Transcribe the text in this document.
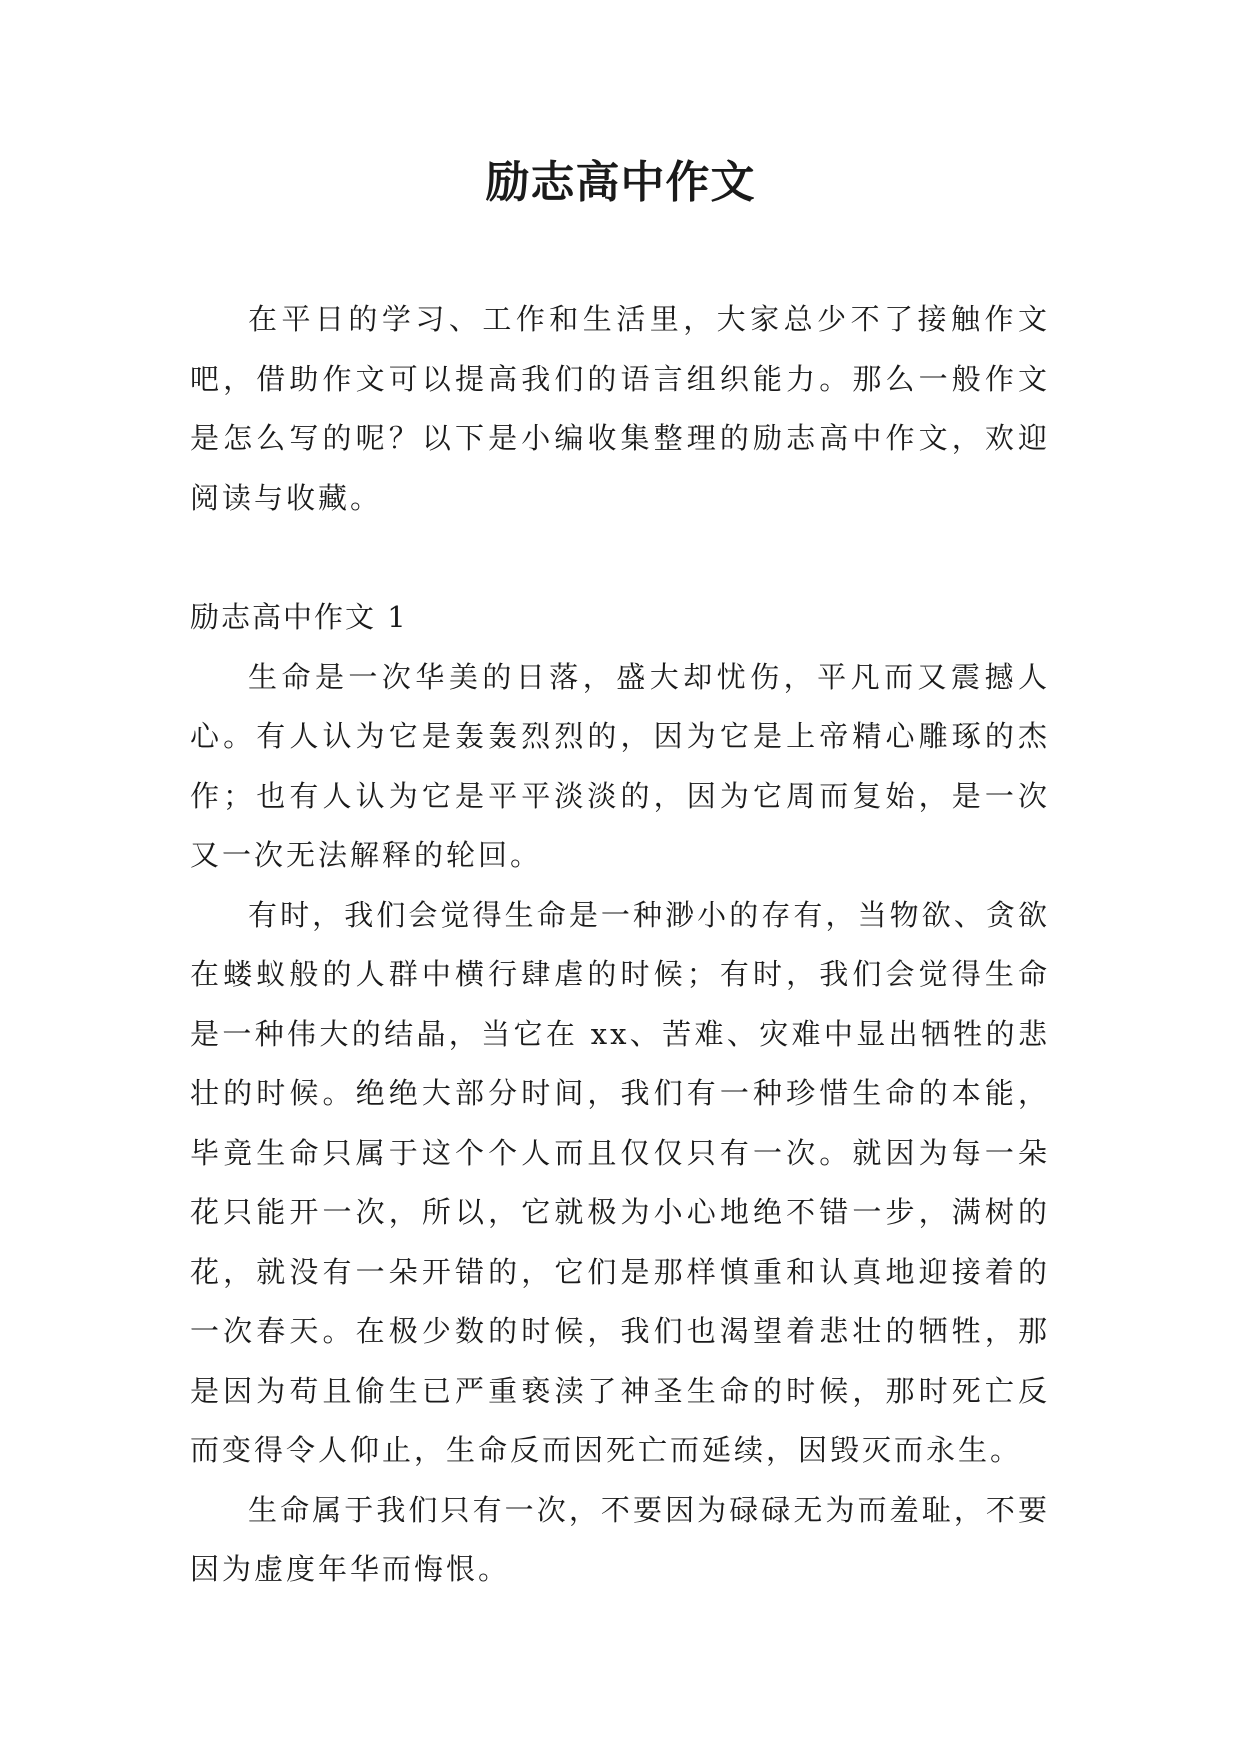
励志高中作文

在平日的学习、工作和生活里，大家总少不了接触作文吧，借助作文可以提高我们的语言组织能力。那么一般作文是怎么写的呢？以下是小编收集整理的励志高中作文，欢迎阅读与收藏。

励志高中作文 1

生命是一次华美的日落，盛大却忧伤，平凡而又震撼人心。有人认为它是轰轰烈烈的，因为它是上帝精心雕琢的杰作；也有人认为它是平平淡淡的，因为它周而复始，是一次又一次无法解释的轮回。

有时，我们会觉得生命是一种渺小的存有，当物欲、贪欲在蝼蚁般的人群中横行肆虐的时候；有时，我们会觉得生命是一种伟大的结晶，当它在 xx、苦难、灾难中显出牺牲的悲壮的时候。绝绝大部分时间，我们有一种珍惜生命的本能，毕竟生命只属于这个个人而且仅仅只有一次。就因为每一朵花只能开一次，所以，它就极为小心地绝不错一步，满树的花，就没有一朵开错的，它们是那样慎重和认真地迎接着的一次春天。在极少数的时候，我们也渴望着悲壮的牺牲，那是因为苟且偷生已严重亵渎了神圣生命的时候，那时死亡反而变得令人仰止，生命反而因死亡而延续，因毁灭而永生。

生命属于我们只有一次，不要因为碌碌无为而羞耻，不要因为虚度年华而悔恨。
